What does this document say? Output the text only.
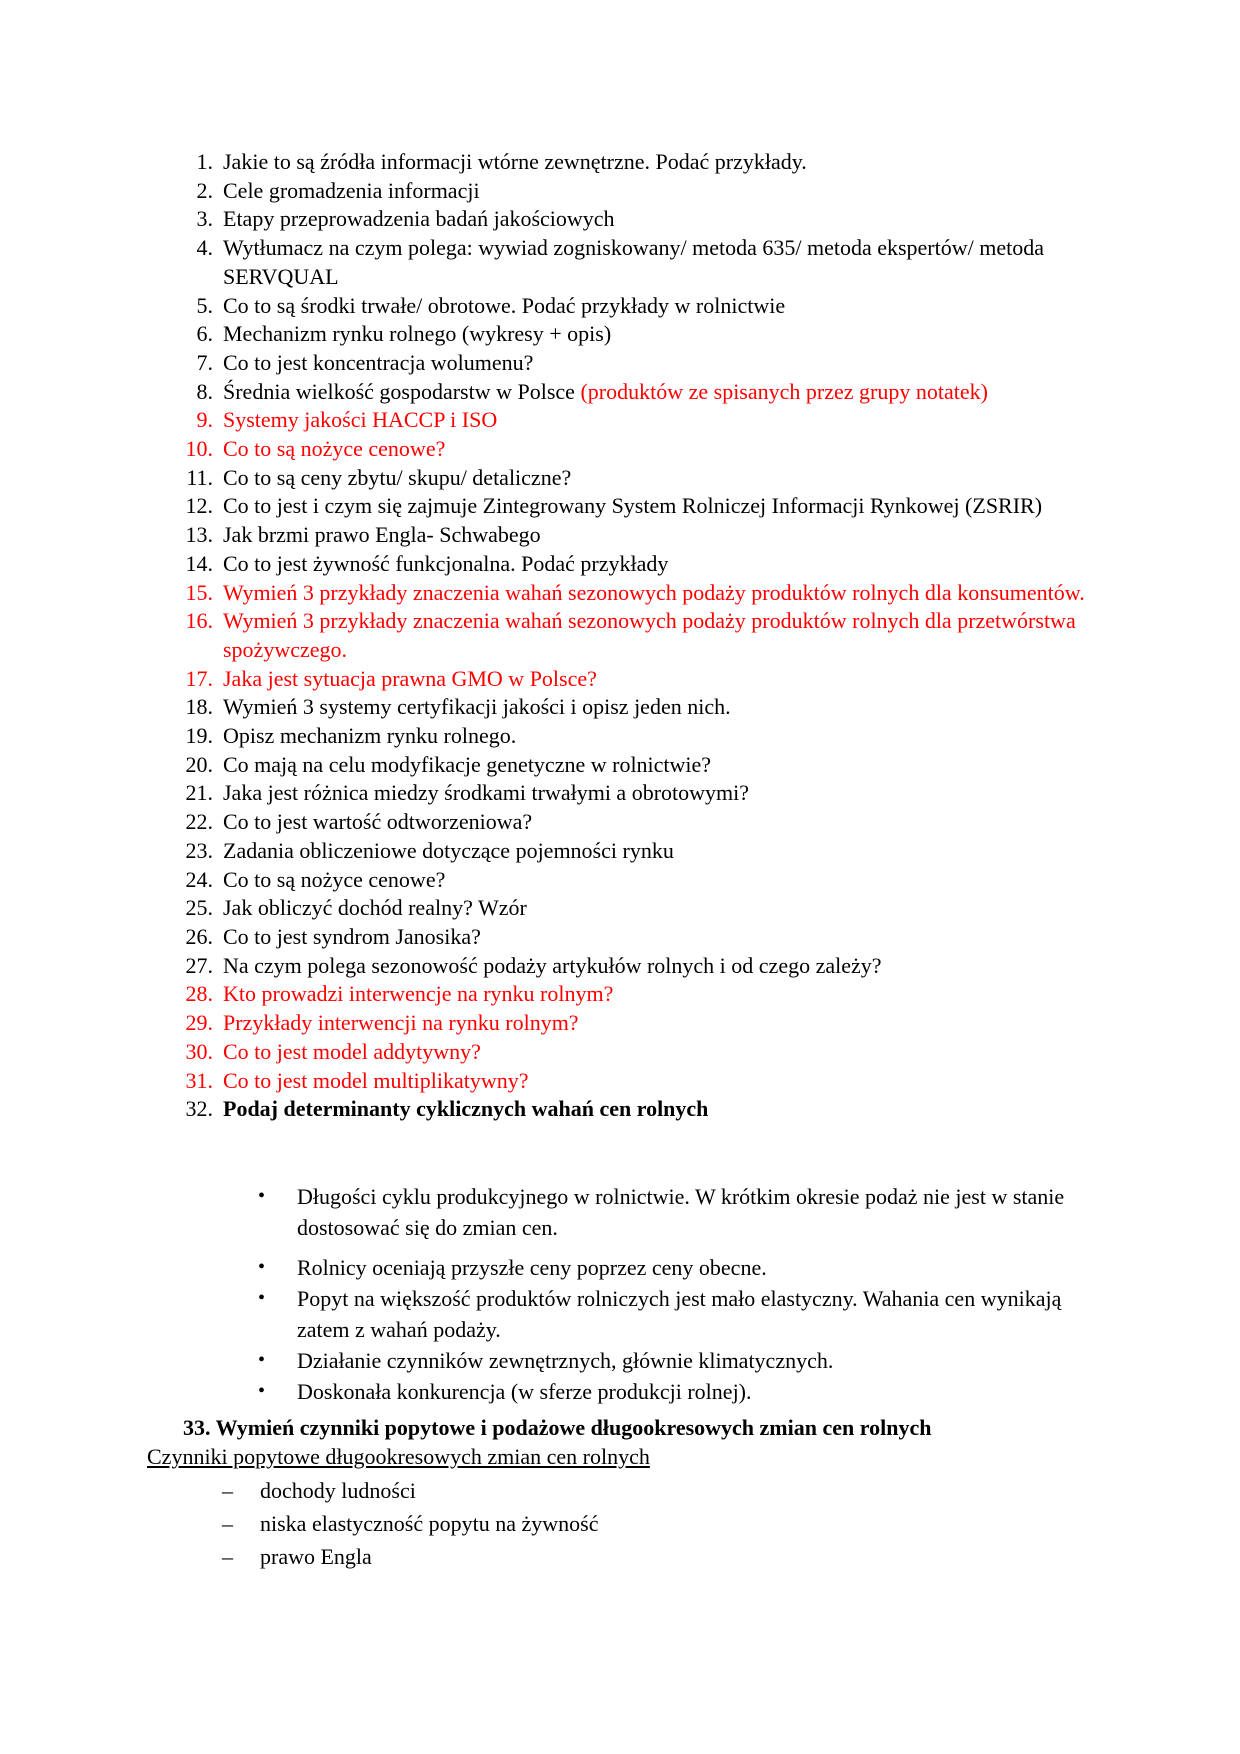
1. Jakie to są źródła informacji wtórne zewnętrzne. Podać przykłady.
2. Cele gromadzenia informacji
3. Etapy przeprowadzenia badań jakościowych
4. Wytłumacz na czym polega: wywiad zogniskowany/ metoda 635/ metoda ekspertów/ metoda SERVQUAL
5. Co to są środki trwałe/ obrotowe. Podać przykłady w rolnictwie
6. Mechanizm rynku rolnego (wykresy + opis)
7. Co to jest koncentracja wolumenu?
8. Średnia wielkość gospodarstw w Polsce (produktów ze spisanych przez grupy notatek)
9. Systemy jakości HACCP i ISO
10. Co to są nożyce cenowe?
11. Co to są ceny zbytu/ skupu/ detaliczne?
12. Co to jest i czym się zajmuje Zintegrowany System Rolniczej Informacji Rynkowej (ZSRIR)
13. Jak brzmi prawo Engla- Schwabego
14. Co to jest żywność funkcjonalna. Podać przykłady
15. Wymień 3 przykłady znaczenia wahań sezonowych podaży produktów rolnych dla konsumentów.
16. Wymień 3 przykłady znaczenia wahań sezonowych podaży produktów rolnych dla przetwórstwa spożywczego.
17. Jaka jest sytuacja prawna GMO w Polsce?
18. Wymień 3 systemy certyfikacji jakości i opisz jeden nich.
19. Opisz mechanizm rynku rolnego.
20. Co mają na celu modyfikacje genetyczne w rolnictwie?
21. Jaka jest różnica miedzy środkami trwałymi a obrotowymi?
22. Co to jest wartość odtworzeniowa?
23. Zadania obliczeniowe dotyczące pojemności rynku
24. Co to są nożyce cenowe?
25. Jak obliczyć dochód realny? Wzór
26. Co to jest syndrom Janosika?
27. Na czym polega sezonowość podaży artykułów rolnych i od czego zależy?
28. Kto prowadzi interwencje na rynku rolnym?
29. Przykłady interwencji na rynku rolnym?
30. Co to jest model addytywny?
31. Co to jest model multiplikatywny?
32. Podaj determinanty cyklicznych wahań cen rolnych
• Długości cyklu produkcyjnego w rolnictwie. W krótkim okresie podaż nie jest w stanie dostosować się do zmian cen.
• Rolnicy oceniają przyszłe ceny poprzez ceny obecne.
• Popyt na większość produktów rolniczych jest mało elastyczny. Wahania cen wynikają zatem z wahań podaży.
• Działanie czynników zewnętrznych, głównie klimatycznych.
• Doskonała konkurencja (w sferze produkcji rolnej).
33. Wymień czynniki popytowe i podażowe długookresowych zmian cen rolnych
Czynniki popytowe długookresowych zmian cen rolnych
– dochody ludności
– niska elastyczność popytu na żywność
– prawo Engla
